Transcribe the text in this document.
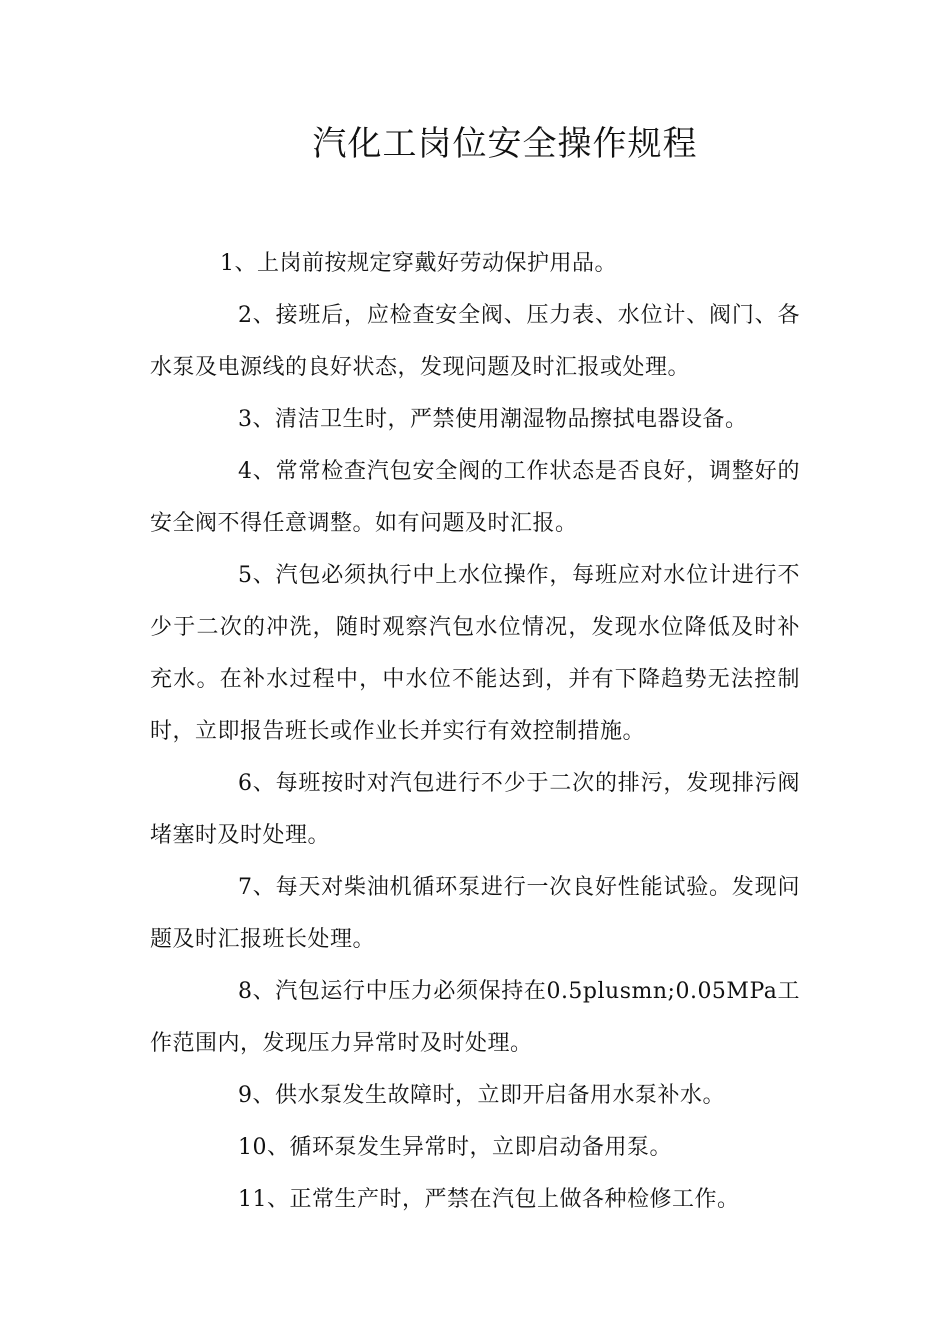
汽化工岗位安全操作规程

1、上岗前按规定穿戴好劳动保护用品。

2、接班后，应检查安全阀、压力表、水位计、阀门、各水泵及电源线的良好状态，发现问题及时汇报或处理。

3、清洁卫生时，严禁使用潮湿物品擦拭电器设备。

4、常常检查汽包安全阀的工作状态是否良好，调整好的安全阀不得任意调整。如有问题及时汇报。

5、汽包必须执行中上水位操作，每班应对水位计进行不少于二次的冲洗，随时观察汽包水位情况，发现水位降低及时补充水。在补水过程中，中水位不能达到，并有下降趋势无法控制时，立即报告班长或作业长并实行有效控制措施。

6、每班按时对汽包进行不少于二次的排污，发现排污阀堵塞时及时处理。

7、每天对柴油机循环泵进行一次良好性能试验。发现问题及时汇报班长处理。

8、汽包运行中压力必须保持在0.5plusmn;0.05MPa工作范围内，发现压力异常时及时处理。

9、供水泵发生故障时，立即开启备用水泵补水。

10、循环泵发生异常时，立即启动备用泵。

11、正常生产时，严禁在汽包上做各种检修工作。
